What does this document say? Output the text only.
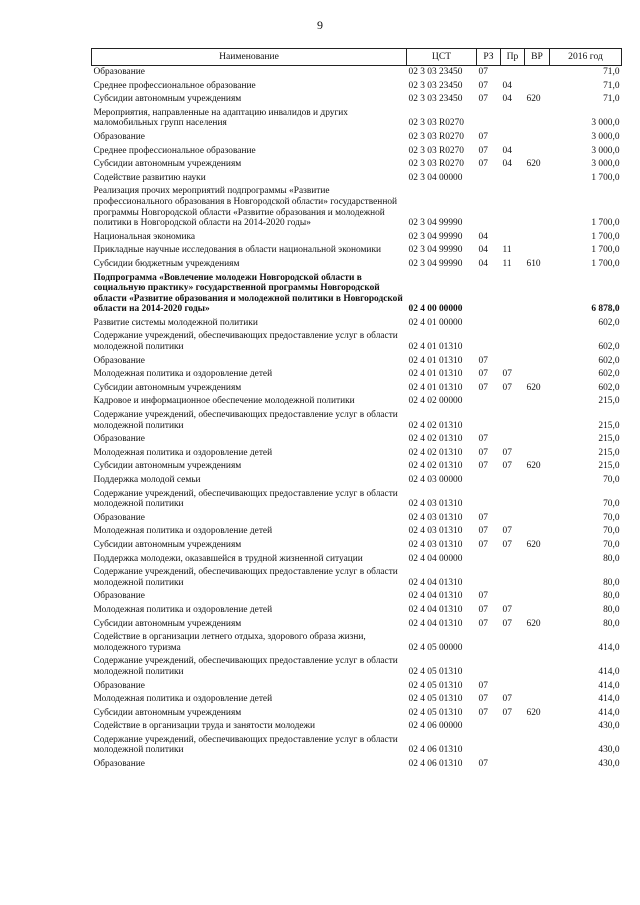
9
Наименование	ЦСТ	РЗ	Пр	ВР	2016 год
Образование	02 3 03 23450	07			71,0
Среднее профессиональное образование	02 3 03 23450	07	04		71,0
Субсидии автономным учреждениям	02 3 03 23450	07	04	620	71,0
Мероприятия, направленные на адаптацию инвалидов и других маломобильных групп населения	02 3 03 R0270				3 000,0
Образование	02 3 03 R0270	07			3 000,0
Среднее профессиональное образование	02 3 03 R0270	07	04		3 000,0
Субсидии автономным учреждениям	02 3 03 R0270	07	04	620	3 000,0
Содействие развитию науки	02 3 04 00000				1 700,0
Реализация прочих мероприятий подпрограммы «Развитие профессионального образования в Новгородской области» государственной программы Новгородской области «Развитие образования и молодежной политики в Новгородской области на 2014-2020 годы»	02 3 04 99990				1 700,0
Национальная экономика	02 3 04 99990	04			1 700,0
Прикладные научные исследования в области национальной экономики	02 3 04 99990	04	11		1 700,0
Субсидии бюджетным учреждениям	02 3 04 99990	04	11	610	1 700,0
Подпрограмма «Вовлечение молодежи Новгородской области в социальную практику» государственной программы Новгородской области «Развитие образования и молодежной политики в Новгородской области на 2014-2020 годы»	02 4 00 00000				6 878,0
Развитие системы молодежной политики	02 4 01 00000				602,0
Содержание учреждений, обеспечивающих предоставление услуг в области молодежной политики	02 4 01 01310				602,0
Образование	02 4 01 01310	07			602,0
Молодежная политика и оздоровление детей	02 4 01 01310	07	07		602,0
Субсидии автономным учреждениям	02 4 01 01310	07	07	620	602,0
Кадровое и информационное обеспечение молодежной политики	02 4 02 00000				215,0
Содержание учреждений, обеспечивающих предоставление услуг в области молодежной политики	02 4 02 01310				215,0
Образование	02 4 02 01310	07			215,0
Молодежная политика и оздоровление детей	02 4 02 01310	07	07		215,0
Субсидии автономным учреждениям	02 4 02 01310	07	07	620	215,0
Поддержка молодой семьи	02 4 03 00000				70,0
Содержание учреждений, обеспечивающих предоставление услуг в области молодежной политики	02 4 03 01310				70,0
Образование	02 4 03 01310	07			70,0
Молодежная политика и оздоровление детей	02 4 03 01310	07	07		70,0
Субсидии автономным учреждениям	02 4 03 01310	07	07	620	70,0
Поддержка молодежи, оказавшейся в трудной жизненной ситуации	02 4 04 00000				80,0
Содержание учреждений, обеспечивающих предоставление услуг в области молодежной политики	02 4 04 01310				80,0
Образование	02 4 04 01310	07			80,0
Молодежная политика и оздоровление детей	02 4 04 01310	07	07		80,0
Субсидии автономным учреждениям	02 4 04 01310	07	07	620	80,0
Содействие в организации летнего отдыха, здорового образа жизни, молодежного туризма	02 4 05 00000				414,0
Содержание учреждений, обеспечивающих предоставление услуг в области молодежной политики	02 4 05 01310				414,0
Образование	02 4 05 01310	07			414,0
Молодежная политика и оздоровление детей	02 4 05 01310	07	07		414,0
Субсидии автономным учреждениям	02 4 05 01310	07	07	620	414,0
Содействие в организации труда и занятости молодежи	02 4 06 00000				430,0
Содержание учреждений, обеспечивающих предоставление услуг в области молодежной политики	02 4 06 01310				430,0
Образование	02 4 06 01310	07			430,0
